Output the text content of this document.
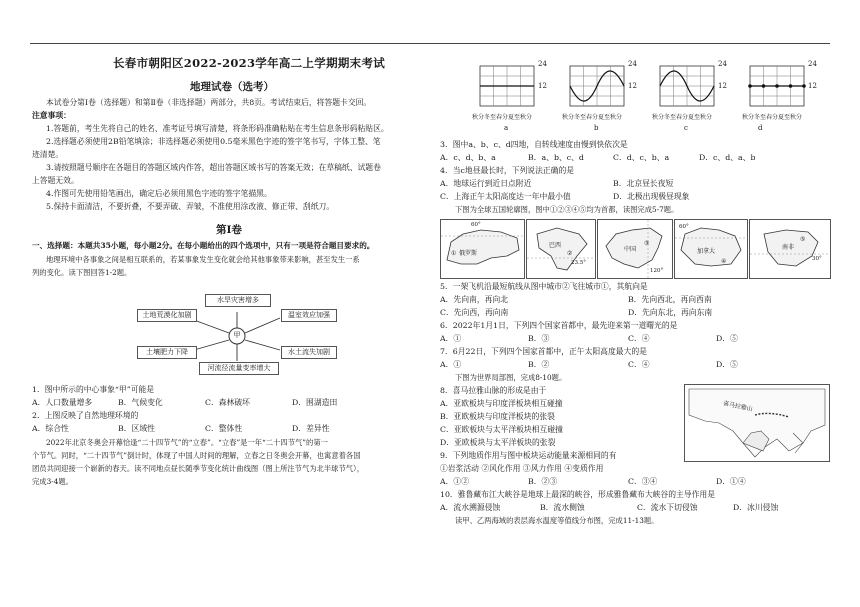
长春市朝阳区2022-2023学年高二上学期期末考试
地理试卷（选考）
本试卷分第Ⅰ卷（选择题）和第Ⅱ卷（非选择题）两部分，共8页。考试结束后，将答题卡交回。
注意事项：
1.答题前，考生先将自己的姓名、准考证号填写清楚，将条形码准确粘贴在考生信息条形码粘贴区。
2.选择题必须使用2B铅笔填涂；非选择题必须使用0.5毫米黑色字迹的签字笔书写，字体工整、笔
迹清楚。
3.请按照题号顺序在各题目的答题区域内作答，超出答题区域书写的答案无效；在草稿纸、试题卷
上答题无效。
4.作图可先使用铅笔画出，确定后必须用黑色字迹的签字笔描黑。
5.保持卡面清洁，不要折叠，不要弄破、弄皱，不准使用涂改液、修正带、刮纸刀。
第Ⅰ卷
一、选择题：本题共35小题，每小题2分。在每小题给出的四个选项中，只有一项是符合题目要求的。
地理环境中各事象之间是相互联系的，若某事象发生变化就会给其他事象带来影响，甚至发生一系
列的变化。读下图回答1-2题。
甲
水旱灾害增多
土地荒漠化加剧	温室效应加强
土壤肥力下降	水土流失加剧
河流径流量变率增大
1．图中所示的中心事象“甲”可能是
A．人口数量增多	B．气候变化	C．森林破坏	D．围湖造田
2．上图反映了自然地理环境的
A．综合性	B．区域性	C．整体性	D．差异性
2022年北京冬奥会开幕恰逢“二十四节气”的“立春”。“立春”是一年“二十四节气”的第一
个节气。同时，“二十四节气”倒计时，体现了中国人时间的理解，立春之日冬奥会开幕，也寓意着各国
团员共同迎接一个崭新的春天。读不同地点昼长随季节变化统计曲线图（图上所注节气为北半球节气），
完成3-4题。
24
12
24
12
24
12
24
12
秋分冬至春分夏至秋分	秋分冬至春分夏至秋分	秋分冬至春分夏至秋分	秋分冬至春分夏至秋分
a	b	c	d
3．图中a、b、c、d四地，自转线速度由慢到快依次是
A．c、d、b、a	B．a、b、c、d	C．d、c、b、a	D．c、d、a、b
4．当c地昼最长时，下列说法正确的是
A．地球运行到近日点附近	B．北京昼长夜短
C．上海正午太阳高度达一年中最小值	D．北极出现极昼现象
下图为全球五国轮廓图，图中①②③④⑤均为首都，读图完成5-7题。
俄罗斯
①
60°
巴西
②
23.5°
中国
③
120°
加拿大
④
60°
南非
⑤
30°
5．一架飞机沿最短航线从图中城市②飞往城市①，其航向是
A．先向南，再向北	B．先向西北，再向西南
C．先向西，再向南	D．先向东北，再向东南
6．2022年1月1日，下列四个国家首都中，最先迎来第一道曙光的是
A．①	B．③	C．④	D．⑤
7．6月22日，下列四个国家首都中，正午太阳高度最大的是
A．①	B．②	C．④	D．⑤
下图为世界局部图，完成8-10题。
8．喜马拉雅山脉的形成是由于
A．亚欧板块与印度洋板块相互碰撞
B．亚欧板块与印度洋板块的张裂
C．亚欧板块与太平洋板块相互碰撞
D．亚欧板块与太平洋板块的张裂
喜马拉雅山
9．下列地质作用与图中板块运动能量来源相同的有
①岩浆活动 ②风化作用 ③风力作用 ④变质作用
A．①②	B．②③	C．③④	D．①④
10．雅鲁藏布江大峡谷是地球上最深的峡谷，形成雅鲁藏布大峡谷的主导作用是
A．流水溯源侵蚀	B．流水侧蚀	C．流水下切侵蚀	D．冰川侵蚀
读甲、乙两海域的表层海水温度等值线分布图，完成11-13题。
